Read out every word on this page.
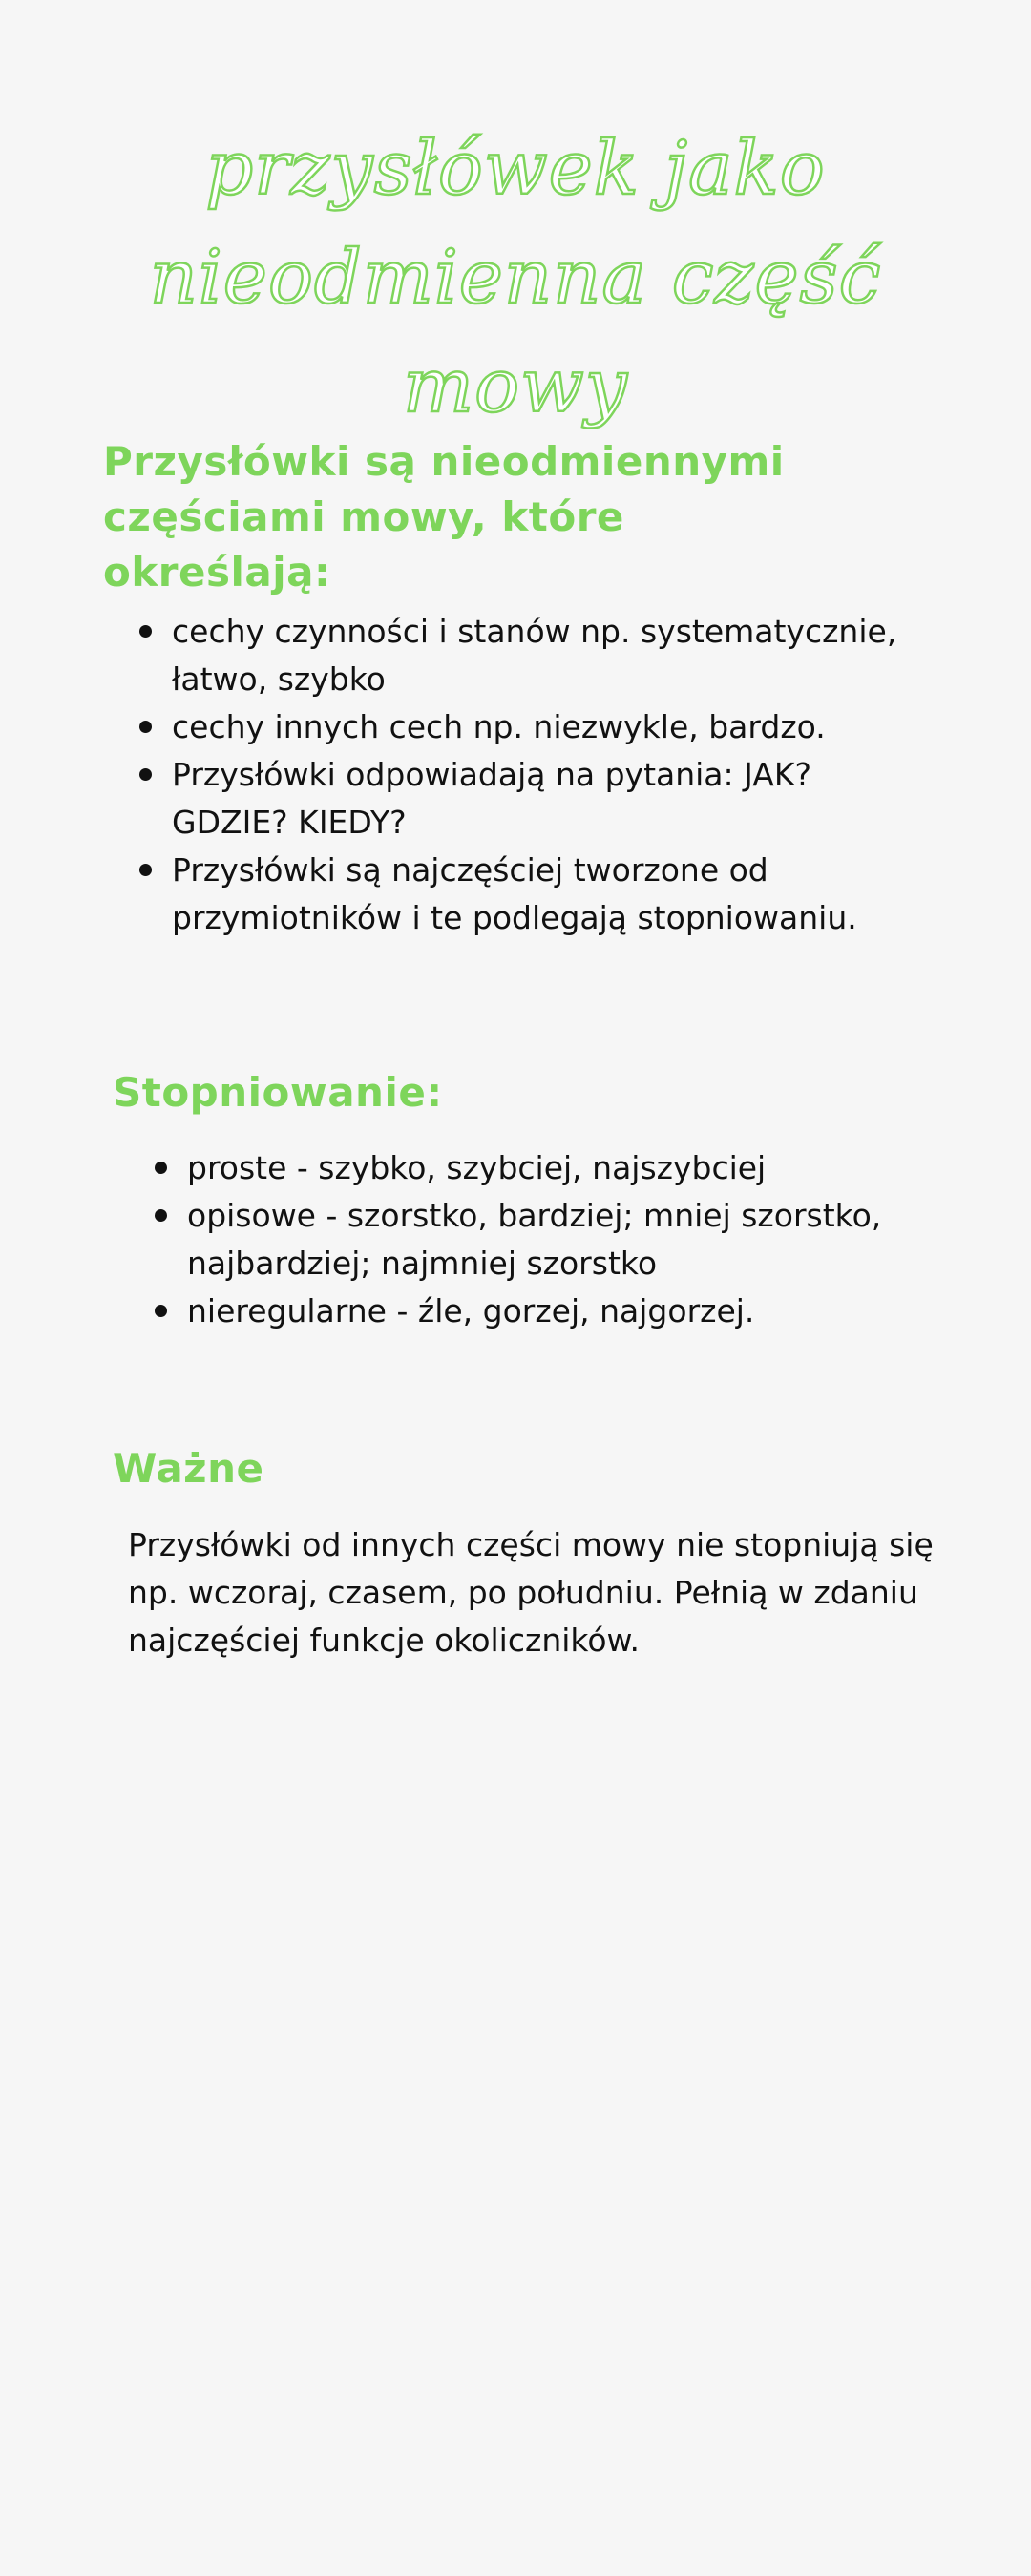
przysłówek jako nieodmienna część mowy
Przysłówki są nieodmiennymi częściami mowy, które określają:
cechy czynności i stanów np. systematycznie, łatwo, szybko
cechy innych cech np. niezwykle, bardzo.
Przysłówki odpowiadają na pytania: JAK? GDZIE? KIEDY?
Przysłówki są najczęściej tworzone od przymiotników i te podlegają stopniowaniu.
Stopniowanie:
proste - szybko, szybciej, najszybciej
opisowe - szorstko, bardziej; mniej szorstko, najbardziej; najmniej szorstko
nieregularne - źle, gorzej, najgorzej.
Ważne

Przysłówki od innych części mowy nie stopniują się np. wczoraj, czasem, po południu. Pełnią w zdaniu najczęściej funkcje okoliczników.
